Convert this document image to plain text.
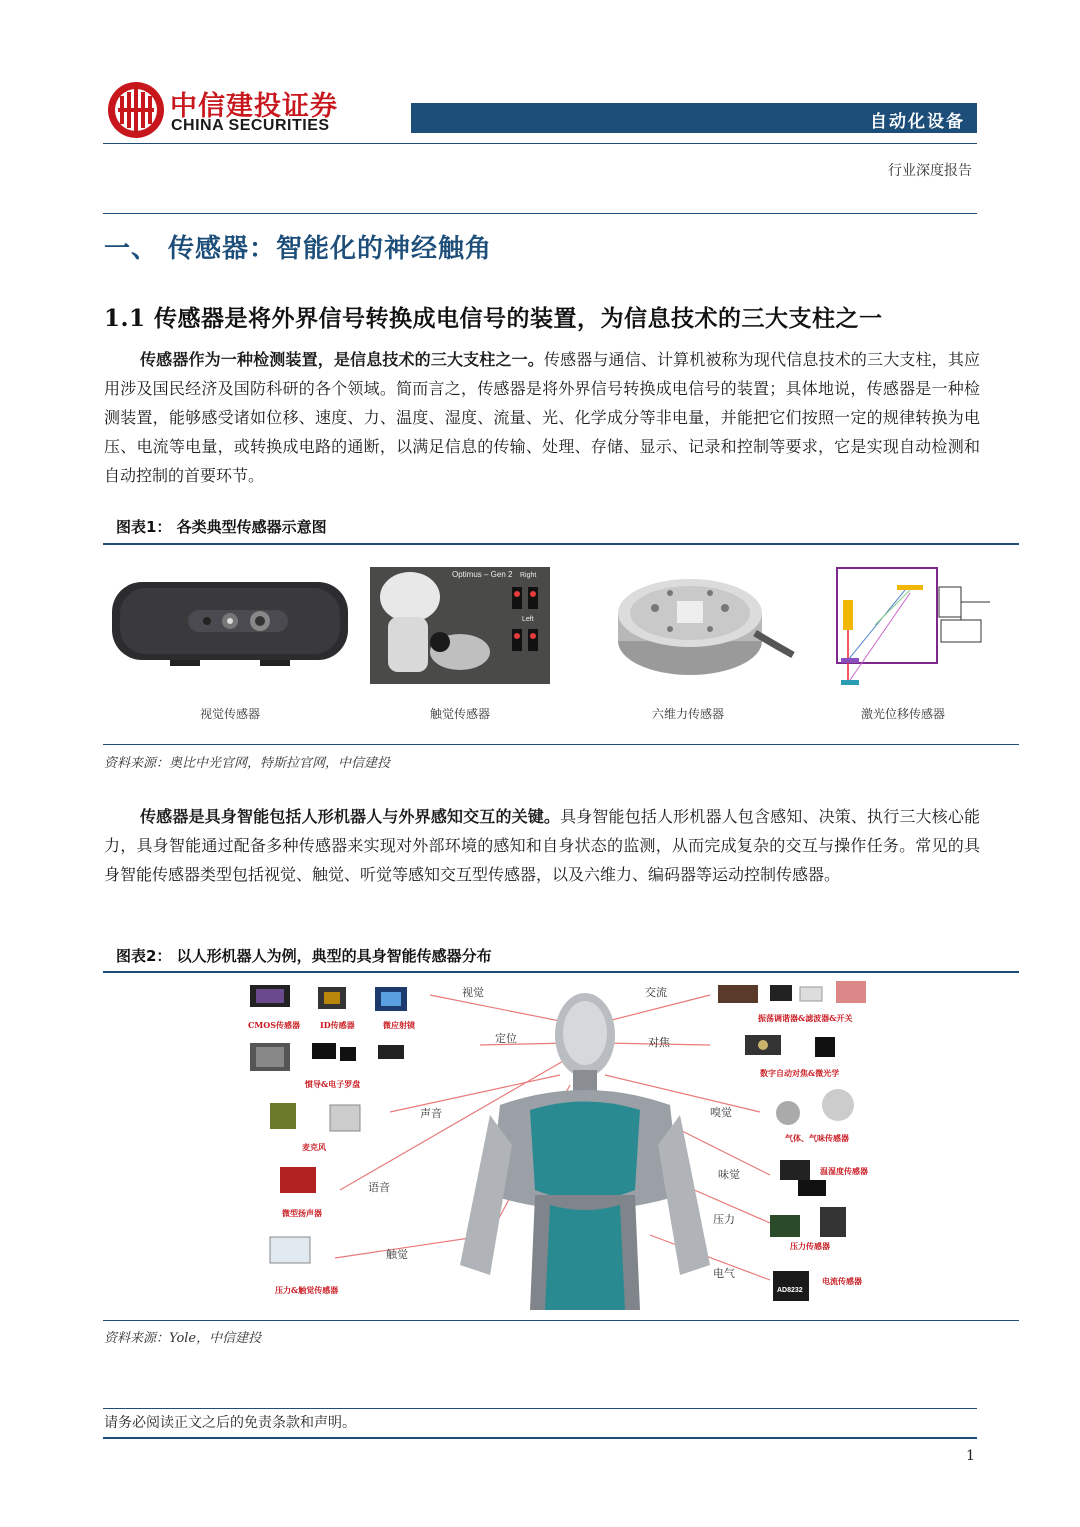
中信建投证券
CHINA SECURITIES	自动化设备
行业深度报告
一、 传感器：智能化的神经触角
1.1 传感器是将外界信号转换成电信号的装置，为信息技术的三大支柱之一
传感器作为一种检测装置，是信息技术的三大支柱之一。传感器与通信、计算机被称为现代信息技术的三大支柱，其应用涉及国民经济及国防科研的各个领域。简而言之，传感器是将外界信号转换成电信号的装置；具体地说，传感器是一种检测装置，能够感受诸如位移、速度、力、温度、湿度、流量、光、化学成分等非电量，并能把它们按照一定的规律转换为电压、电流等电量，或转换成电路的通断，以满足信息的传输、处理、存储、显示、记录和控制等要求，它是实现自动检测和自动控制的首要环节。
图表1： 各类典型传感器示意图
Optimus – Gen 2 Right
Left
视觉传感器	触觉传感器	六维力传感器	激光位移传感器
资料来源：奥比中光官网，特斯拉官网，中信建投
传感器是具身智能包括人形机器人与外界感知交互的关键。具身智能包括人形机器人包含感知、决策、执行三大核心能力，具身智能通过配备多种传感器来实现对外部环境的感知和自身状态的监测，从而完成复杂的交互与操作任务。常见的具身智能传感器类型包括视觉、触觉、听觉等感知交互型传感器，以及六维力、编码器等运动控制传感器。
图表2： 以人形机器人为例，典型的具身智能传感器分布
视觉
定位
声音
语音
触觉
交流
对焦
嗅觉
味觉
压力
电气
CMOS传感器	ID传感器	微应射镜
惯导&电子罗盘
麦克风
微型扬声器
压力&触觉传感器
振荡调谐器&滤波器&开关
数字自动对焦&微光学
气体、气味传感器
温湿度传感器
压力传感器
电流传感器
AD8232
资料来源：Yole，中信建投
请务必阅读正文之后的免责条款和声明。
1
